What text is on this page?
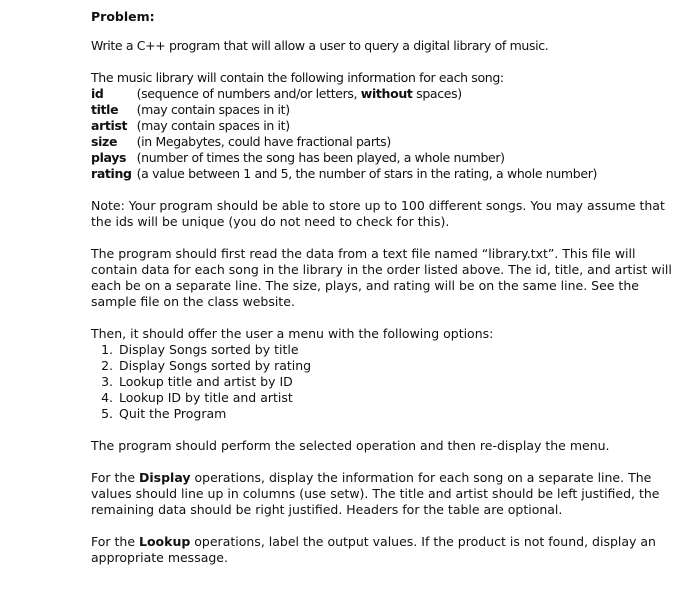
Problem:

Write a C++ program that will allow a user to query a digital library of music.

The music library will contain the following information for each song:
id	(sequence of numbers and/or letters, without spaces)
title	(may contain spaces in it)
artist (may contain spaces in it)
size	(in Megabytes, could have fractional parts)
plays (number of times the song has been played, a whole number)
rating (a value between 1 and 5, the number of stars in the rating, a whole number)

Note: Your program should be able to store up to 100 different songs. You may assume that the ids will be unique (you do not need to check for this).

The program should first read the data from a text file named “library.txt”. This file will contain data for each song in the library in the order listed above. The id, title, and artist will each be on a separate line. The size, plays, and rating will be on the same line. See the sample file on the class website.

Then, it should offer the user a menu with the following options:
1. Display Songs sorted by title
2. Display Songs sorted by rating
3. Lookup title and artist by ID
4. Lookup ID by title and artist
5. Quit the Program

The program should perform the selected operation and then re-display the menu.

For the Display operations, display the information for each song on a separate line. The values should line up in columns (use setw). The title and artist should be left justified, the remaining data should be right justified. Headers for the table are optional.

For the Lookup operations, label the output values. If the product is not found, display an appropriate message.
